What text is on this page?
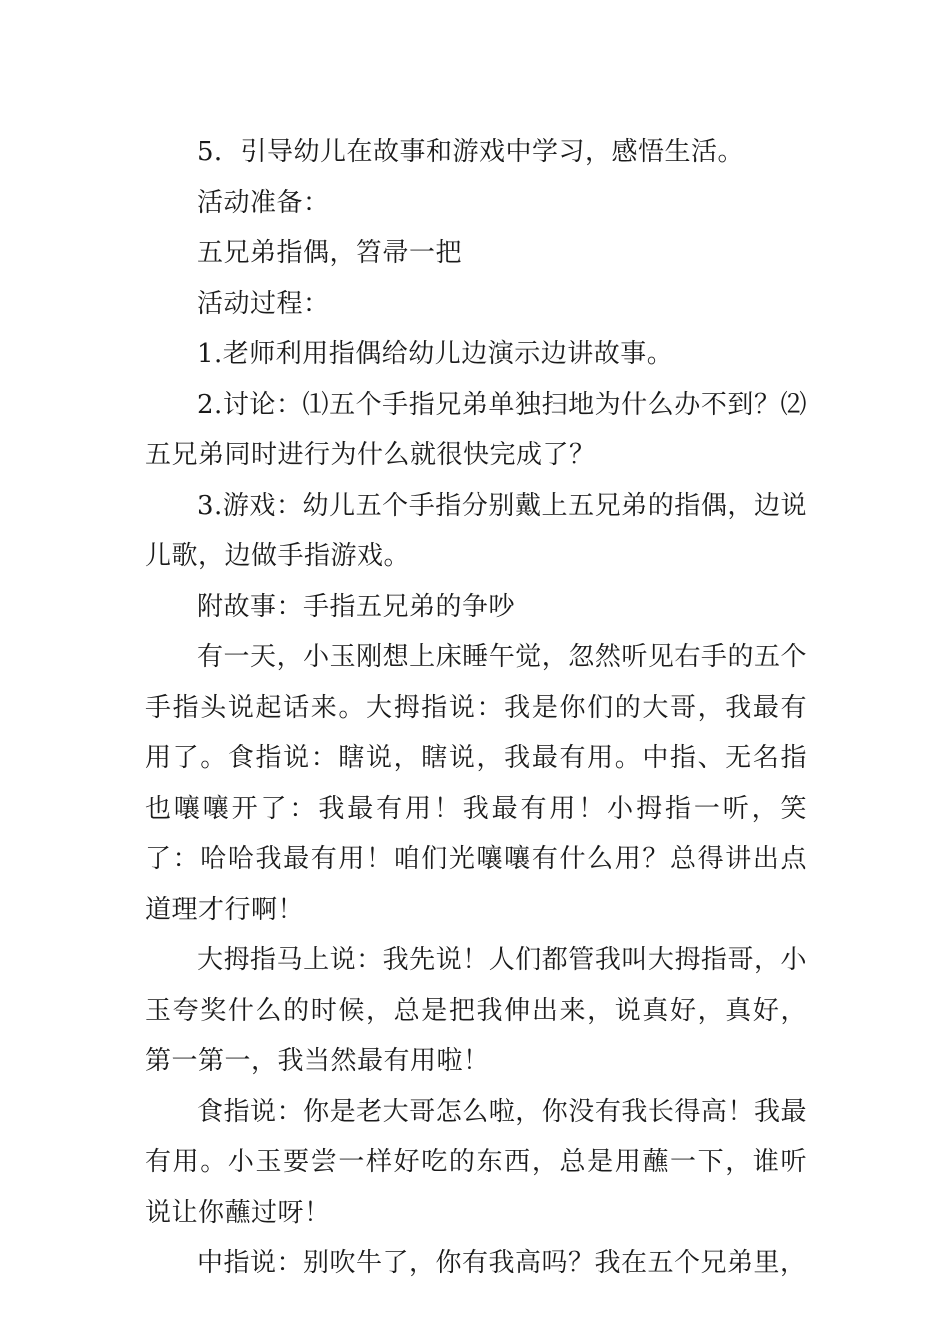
5．引导幼儿在故事和游戏中学习，感悟生活。

活动准备：

五兄弟指偶，笤帚一把

活动过程：

1.老师利用指偶给幼儿边演示边讲故事。

2.讨论：⑴五个手指兄弟单独扫地为什么办不到？⑵五兄弟同时进行为什么就很快完成了？

3.游戏：幼儿五个手指分别戴上五兄弟的指偶，边说儿歌，边做手指游戏。

附故事：手指五兄弟的争吵

有一天，小玉刚想上床睡午觉，忽然听见右手的五个手指头说起话来。大拇指说：我是你们的大哥，我最有用了。食指说：瞎说，瞎说，我最有用。中指、无名指也嚷嚷开了：我最有用！我最有用！小拇指一听，笑了：哈哈我最有用！咱们光嚷嚷有什么用？总得讲出点道理才行啊！

大拇指马上说：我先说！人们都管我叫大拇指哥，小玉夸奖什么的时候，总是把我伸出来，说真好，真好，第一第一，我当然最有用啦！

食指说：你是老大哥怎么啦，你没有我长得高！我最有用。小玉要尝一样好吃的东西，总是用蘸一下，谁听说让你蘸过呀！

中指说：别吹牛了，你有我高吗？我在五个兄弟里，
